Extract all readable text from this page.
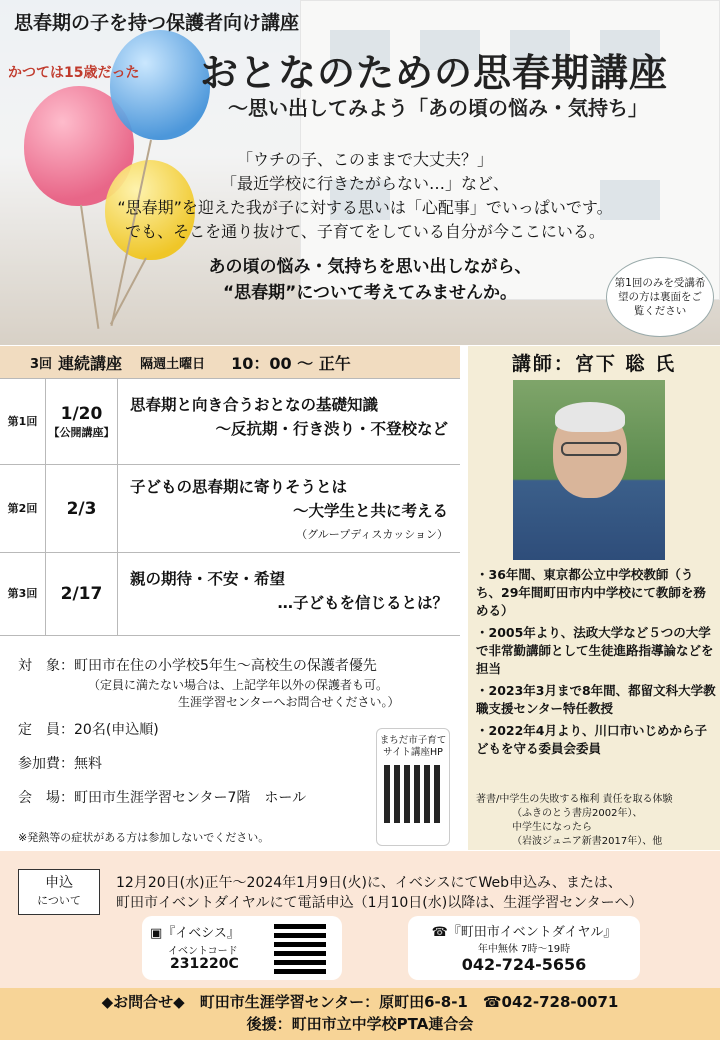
思春期の子を持つ保護者向け講座
かつては15歳だった おとなのための思春期講座
～思い出してみよう「あの頃の悩み・気持ち」
「ウチの子、このままで大丈夫？」
「最近学校に行きたがらない…」など、
“思春期”を迎えた我が子に対する思いは「心配事」でいっぱいです。
でも、そこを通り抜けて、子育てをしている自分が今ここにいる。
あの頃の悩み・気持ちを思い出しながら、
“思春期”について考えてみませんか。	第1回のみを受講希望の方は裏面をご覧ください
3回 連続講座 隔週土曜日 10：00 ～ 正午
第1回	1/20
【公開講座】
思春期と向き合うおとなの基礎知識
～反抗期・行き渋り・不登校など
第2回	2/3
子どもの思春期に寄りそうとは
～大学生と共に考える
（グループディスカッション）
第3回	2/17
親の期待・不安・希望
…子どもを信じるとは？
講師：宮下 聡 氏
・36年間、東京都公立中学校教師（うち、29年間町田市内中学校にて教師を務める）
・2005年より、法政大学など５つの大学で非常勤講師として生徒進路指導論などを担当
・2023年3月まで8年間、都留文科大学教職支援センター特任教授
・2022年4月より、川口市いじめから子どもを守る委員会委員
著書/中学生の失敗する権利 責任を取る体験
（ふきのとう書房2002年）、
中学生になったら
（岩波ジュニア新書2017年）、他
対　象：町田市在住の小学校5年生～高校生の保護者優先
（定員に満たない場合は、上記学年以外の保護者も可。
生涯学習センターへお問合せください。）
定　員：20名(申込順)
参加費：無料
会　場：町田市生涯学習センター7階　ホール
まちだ市子育てサイト講座HP
※発熱等の症状がある方は参加しないでください。
申込
について
12月20日(水)正午～2024年1月9日(火)に、イベシスにてWeb申込み、または、
町田市イベントダイヤルにて電話申込（1月10日(水)以降は、生涯学習センターへ）
▣『イベシス』
イベントコード
231220C
☎『町田市イベントダイヤル』
年中無休 7時～19時
042-724-5656
◆お問合せ◆　町田市生涯学習センター：原町田6-8-1　☎042-728-0071
後援：町田市立中学校PTA連合会
